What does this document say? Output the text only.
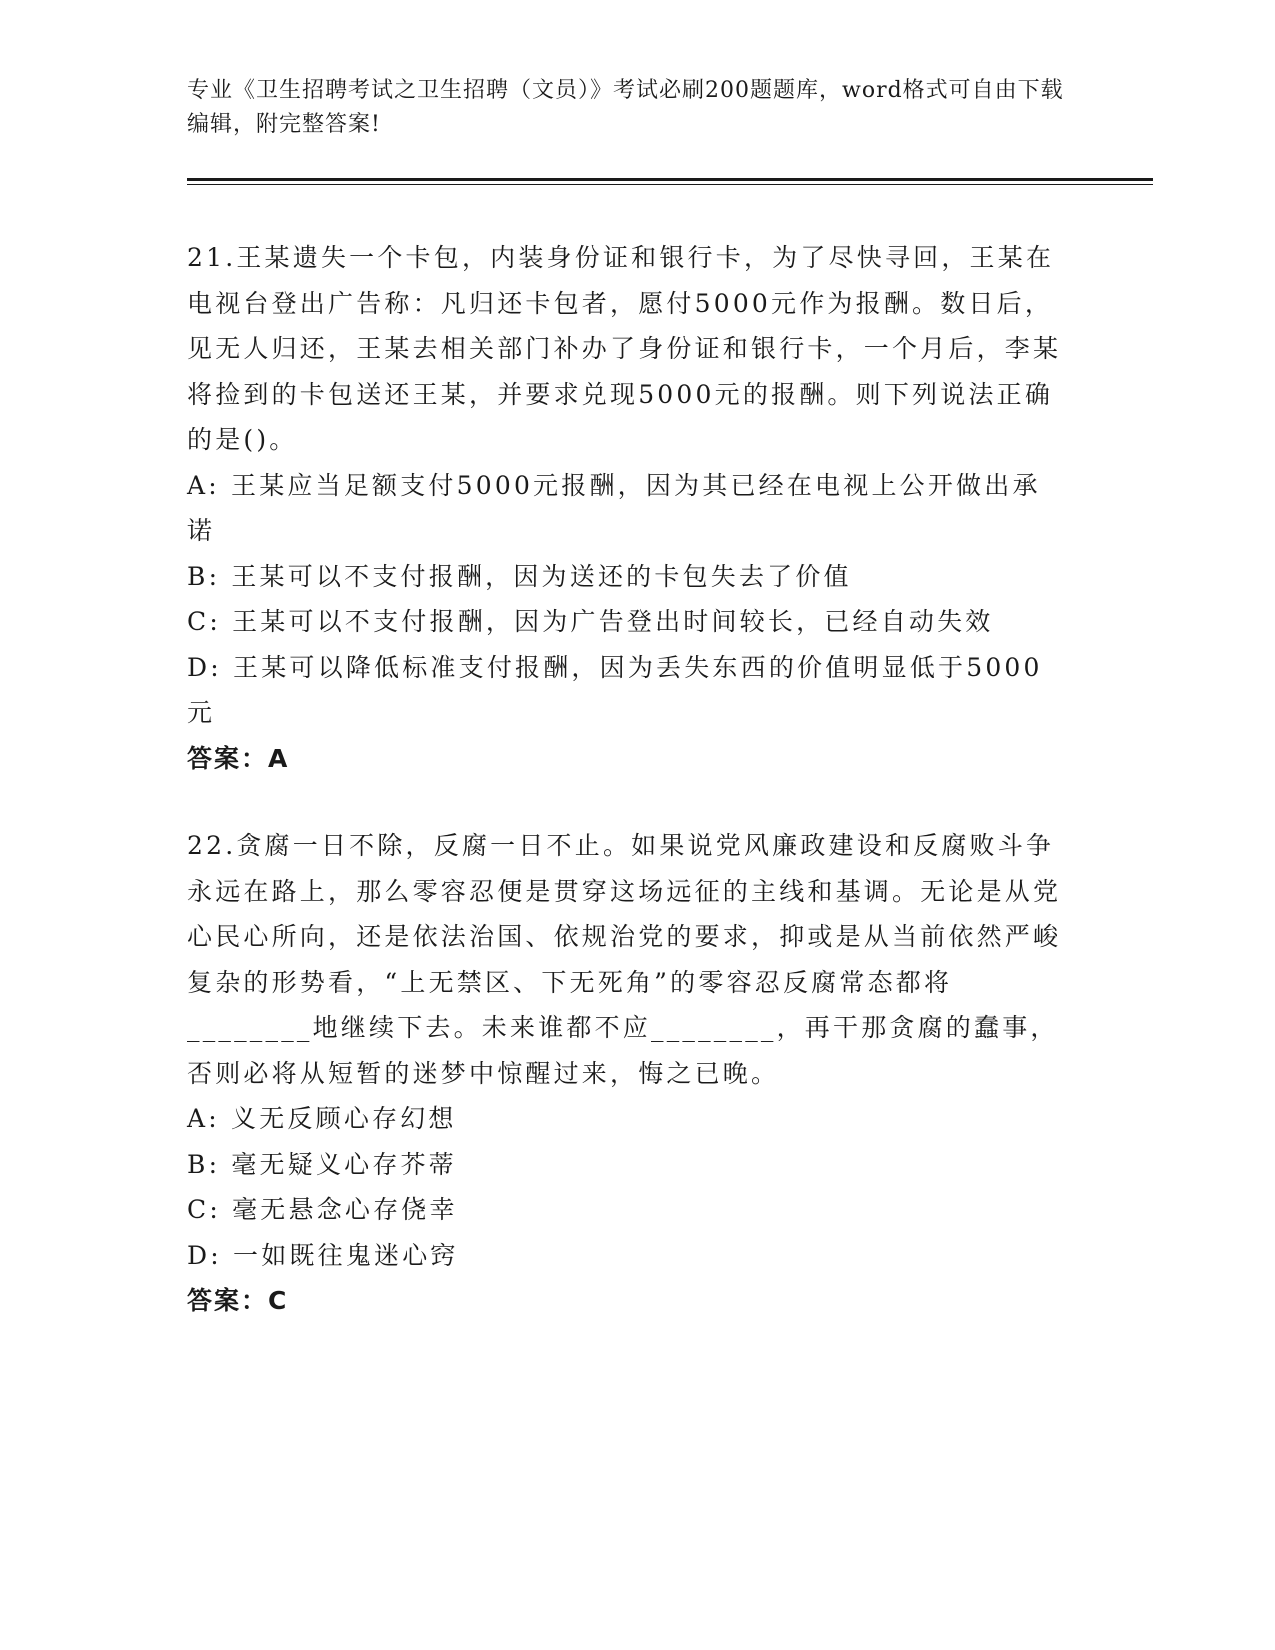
专业《卫生招聘考试之卫生招聘（文员）》考试必刷200题题库，word格式可自由下载编辑，附完整答案!

21.王某遗失一个卡包，内装身份证和银行卡，为了尽快寻回，王某在电视台登出广告称：凡归还卡包者，愿付5000元作为报酬。数日后，见无人归还，王某去相关部门补办了身份证和银行卡，一个月后，李某将捡到的卡包送还王某，并要求兑现5000元的报酬。则下列说法正确的是()。

A: 王某应当足额支付5000元报酬，因为其已经在电视上公开做出承诺

B: 王某可以不支付报酬，因为送还的卡包失去了价值

C: 王某可以不支付报酬，因为广告登出时间较长，已经自动失效

D: 王某可以降低标准支付报酬，因为丢失东西的价值明显低于5000元

答案：A

22.贪腐一日不除，反腐一日不止。如果说党风廉政建设和反腐败斗争永远在路上，那么零容忍便是贯穿这场远征的主线和基调。无论是从党心民心所向，还是依法治国、依规治党的要求，抑或是从当前依然严峻复杂的形势看，“上无禁区、下无死角”的零容忍反腐常态都将________地继续下去。未来谁都不应________，再干那贪腐的蠢事，否则必将从短暂的迷梦中惊醒过来，悔之已晚。

A: 义无反顾心存幻想

B: 毫无疑义心存芥蒂

C: 毫无悬念心存侥幸

D: 一如既往鬼迷心窍

答案：C
